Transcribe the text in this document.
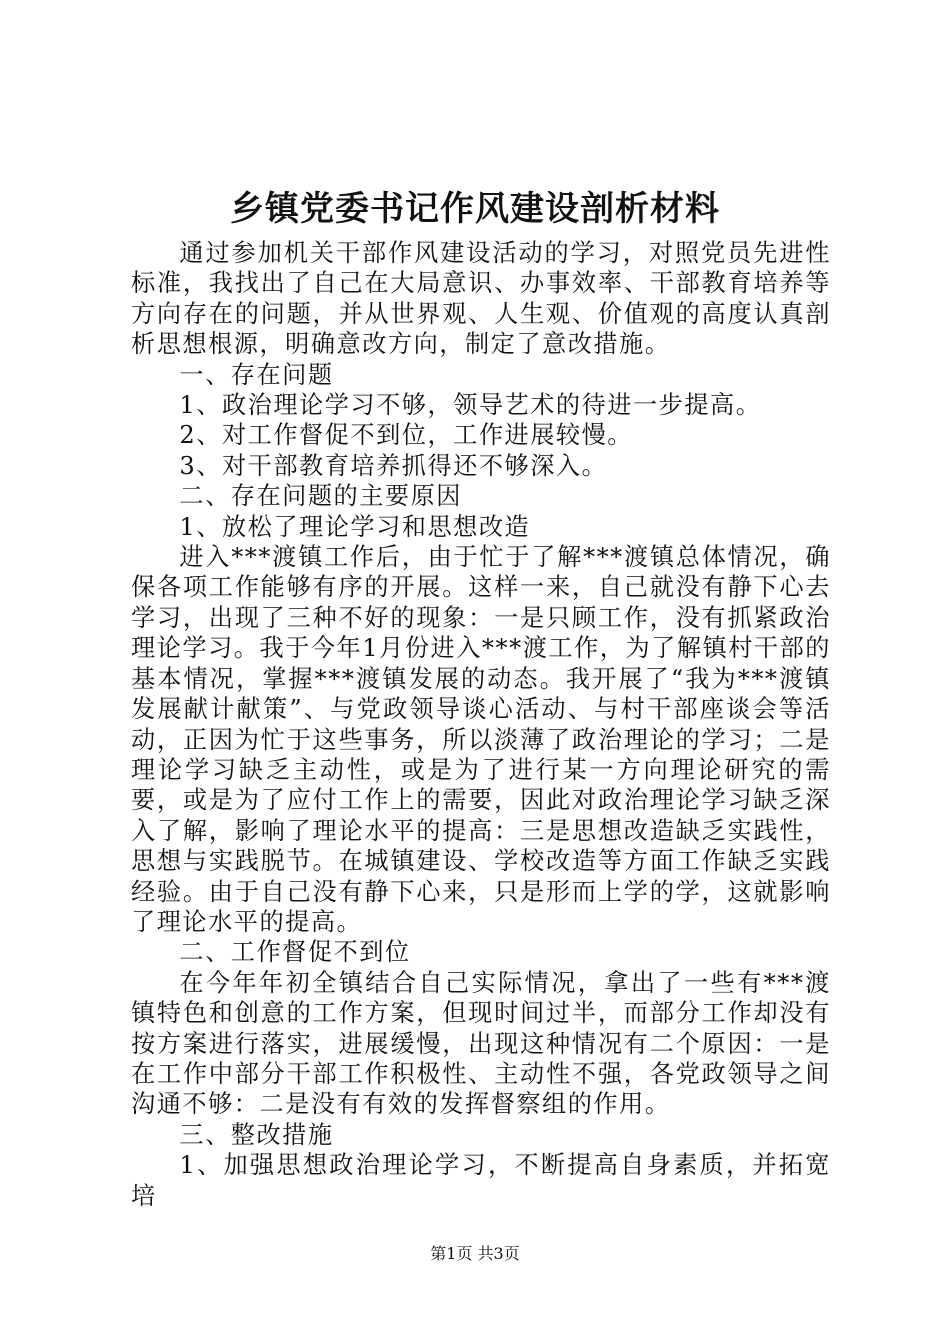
乡镇党委书记作风建设剖析材料

通过参加机关干部作风建设活动的学习，对照党员先进性标准，我找出了自己在大局意识、办事效率、干部教育培养等方向存在的问题，并从世界观、人生观、价值观的高度认真剖析思想根源，明确意改方向，制定了意改措施。

一、存在问题

1、政治理论学习不够，领导艺术的待进一步提高。

2、对工作督促不到位，工作进展较慢。

3、对干部教育培养抓得还不够深入。

二、存在问题的主要原因

1、放松了理论学习和思想改造

进入***渡镇工作后，由于忙于了解***渡镇总体情况，确保各项工作能够有序的开展。这样一来，自己就没有静下心去学习，出现了三种不好的现象：一是只顾工作，没有抓紧政治理论学习。我于今年1月份进入***渡工作，为了解镇村干部的基本情况，掌握***渡镇发展的动态。我开展了“我为***渡镇发展献计献策”、与党政领导谈心活动、与村干部座谈会等活动，正因为忙于这些事务，所以淡薄了政治理论的学习；二是理论学习缺乏主动性，或是为了进行某一方向理论研究的需要，或是为了应付工作上的需要，因此对政治理论学习缺乏深入了解，影响了理论水平的提高：三是思想改造缺乏实践性，思想与实践脱节。在城镇建设、学校改造等方面工作缺乏实践经验。由于自己没有静下心来，只是形而上学的学，这就影响了理论水平的提高。

二、工作督促不到位

在今年年初全镇结合自己实际情况，拿出了一些有***渡镇特色和创意的工作方案，但现时间过半，而部分工作却没有按方案进行落实，进展缓慢，出现这种情况有二个原因：一是在工作中部分干部工作积极性、主动性不强，各党政领导之间沟通不够：二是没有有效的发挥督察组的作用。

三、整改措施

1、加强思想政治理论学习，不断提高自身素质，并拓宽培

第1页 共3页
